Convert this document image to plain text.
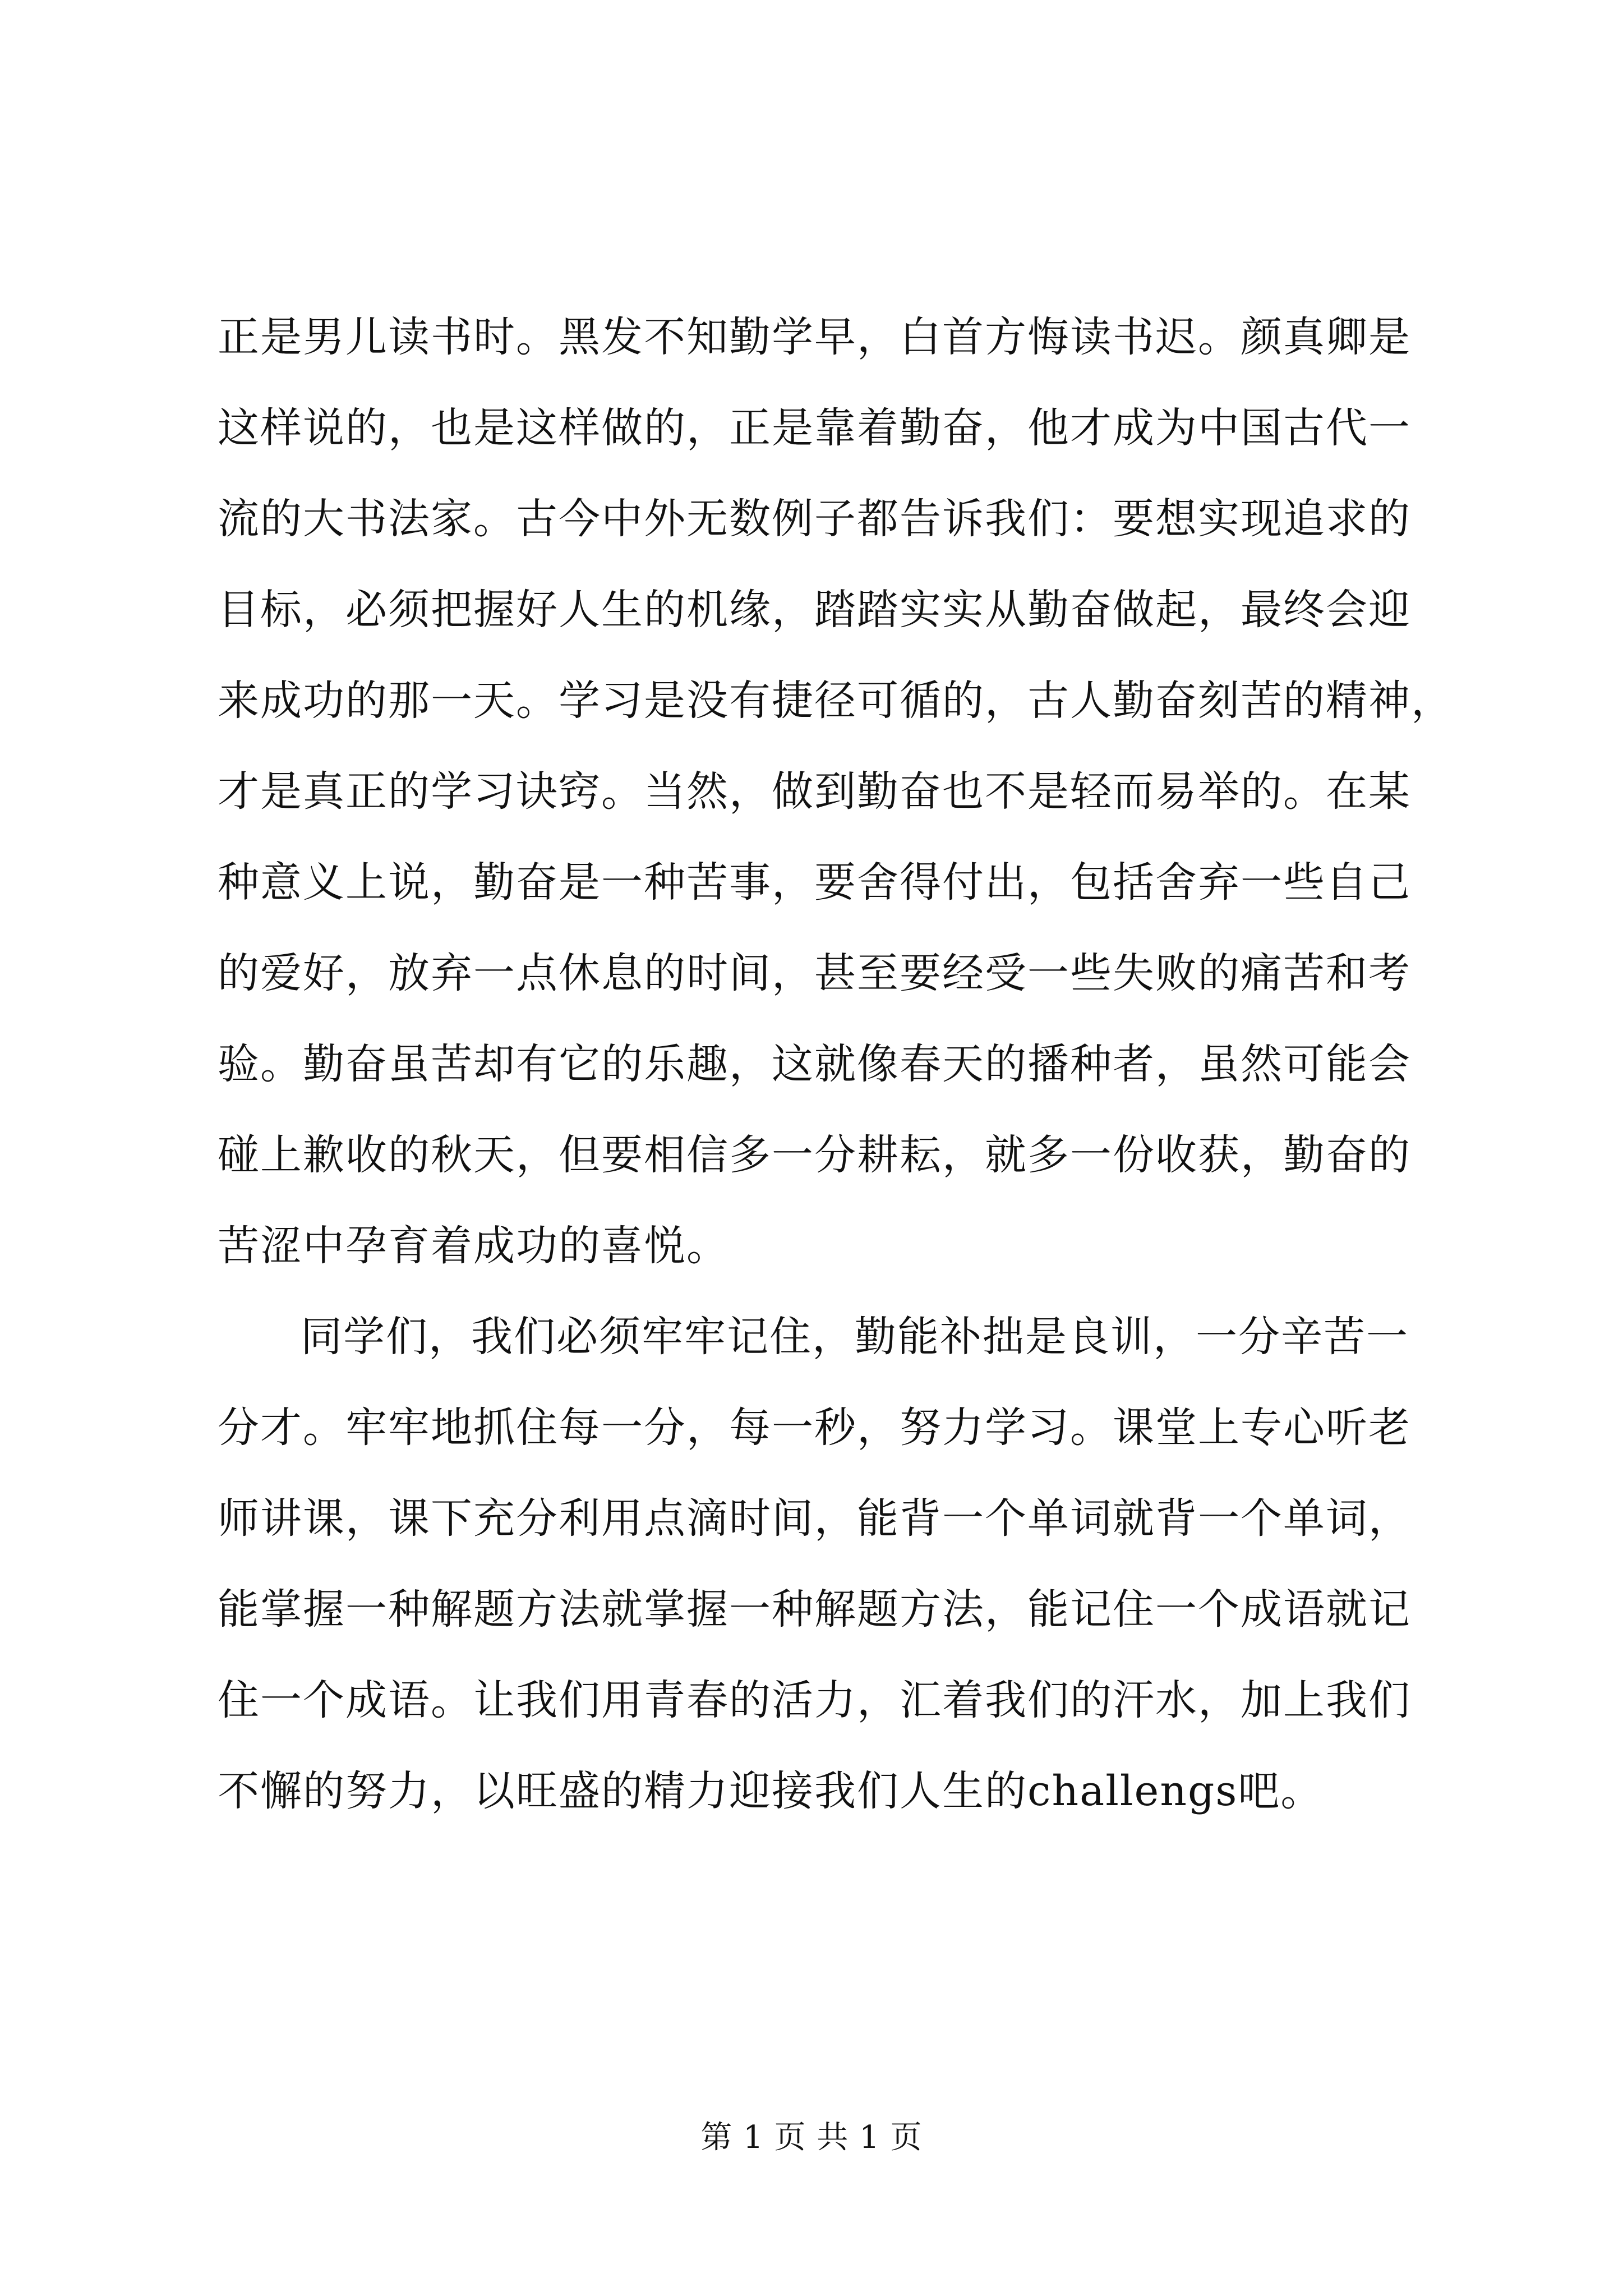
正是男儿读书时。黑发不知勤学早，白首方悔读书迟。颜真卿是
这样说的，也是这样做的，正是靠着勤奋，他才成为中国古代一
流的大书法家。古今中外无数例子都告诉我们：要想实现追求的
目标，必须把握好人生的机缘，踏踏实实从勤奋做起，最终会迎
来成功的那一天。学习是没有捷径可循的，古人勤奋刻苦的精神，
才是真正的学习诀窍。当然，做到勤奋也不是轻而易举的。在某
种意义上说，勤奋是一种苦事，要舍得付出，包括舍弃一些自己
的爱好，放弃一点休息的时间，甚至要经受一些失败的痛苦和考
验。勤奋虽苦却有它的乐趣，这就像春天的播种者，虽然可能会
碰上歉收的秋天，但要相信多一分耕耘，就多一份收获，勤奋的
苦涩中孕育着成功的喜悦。
同学们，我们必须牢牢记住，勤能补拙是良训，一分辛苦一
分才。牢牢地抓住每一分，每一秒，努力学习。课堂上专心听老
师讲课，课下充分利用点滴时间，能背一个单词就背一个单词，
能掌握一种解题方法就掌握一种解题方法，能记住一个成语就记
住一个成语。让我们用青春的活力，汇着我们的汗水，加上我们
不懈的努力，以旺盛的精力迎接我们人生的challengs吧。
第 1 页 共 1 页
